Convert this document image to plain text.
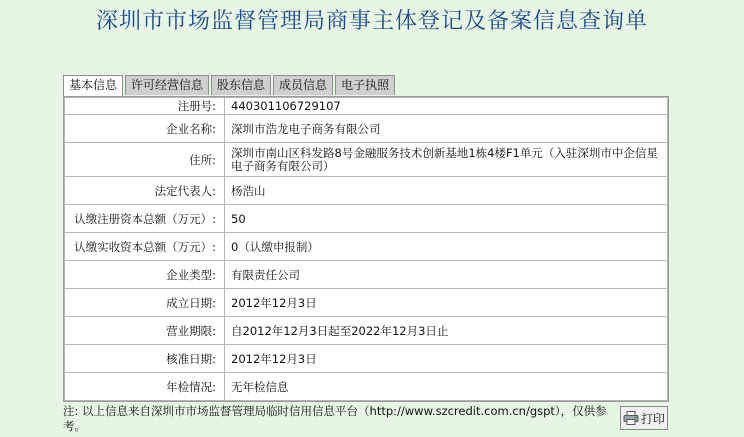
深圳市市场监督管理局商事主体登记及备案信息查询单
基本信息	许可经营信息	股东信息	成员信息	电子执照
注册号:	440301106729107
企业名称:	深圳市浩龙电子商务有限公司
住所:	深圳市南山区科发路8号金融服务技术创新基地1栋4楼F1单元（入驻深圳市中企信星电子商务有限公司）
法定代表人:	杨浩山
认缴注册资本总额（万元）:	50
认缴实收资本总额（万元）:	0（认缴申报制）
企业类型:	有限责任公司
成立日期:	2012年12月3日
营业期限:	自2012年12月3日起至2022年12月3日止
核准日期:	2012年12月3日
年检情况:	无年检信息
注: 以上信息来自深圳市市场监督管理局临时信用信息平台（http://www.szcredit.com.cn/gspt），仅供参考。
打印
